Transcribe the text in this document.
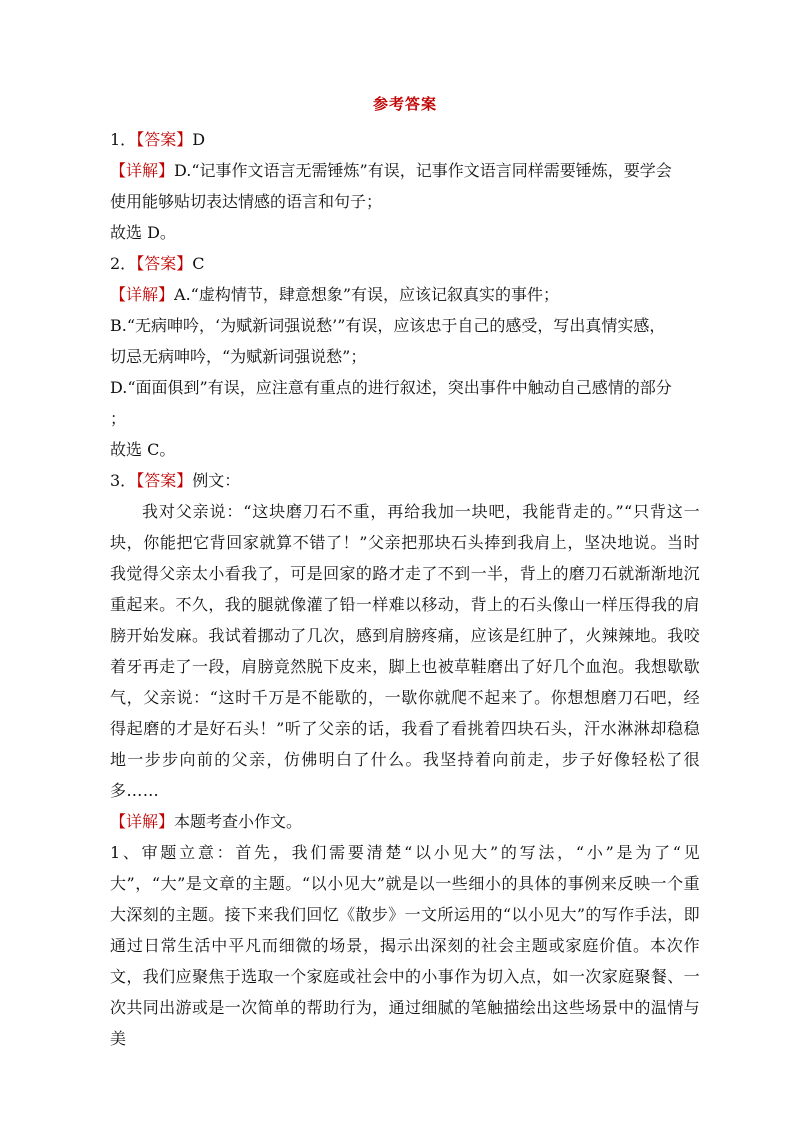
参考答案

1．【答案】D

【详解】D.“记事作文语言无需锤炼”有误，记事作文语言同样需要锤炼，要学会

使用能够贴切表达情感的语言和句子；

故选 D。

2．【答案】C

【详解】A.“虚构情节，肆意想象”有误，应该记叙真实的事件；

B.“无病呻吟，‘为赋新词强说愁’”有误，应该忠于自己的感受，写出真情实感，

切忌无病呻吟，“为赋新词强说愁”；

D.“面面俱到”有误，应注意有重点的进行叙述，突出事件中触动自己感情的部分

；

故选 C。

3．【答案】例文：

我对父亲说：“这块磨刀石不重，再给我加一块吧，我能背走的。”“只背这一块，你能把它背回家就算不错了！”父亲把那块石头捧到我肩上，坚决地说。当时我觉得父亲太小看我了，可是回家的路才走了不到一半，背上的磨刀石就渐渐地沉重起来。不久，我的腿就像灌了铅一样难以移动，背上的石头像山一样压得我的肩膀开始发麻。我试着挪动了几次，感到肩膀疼痛，应该是红肿了，火辣辣地。我咬着牙再走了一段，肩膀竟然脱下皮来，脚上也被草鞋磨出了好几个血泡。我想歇歇气，父亲说：“这时千万是不能歇的，一歇你就爬不起来了。你想想磨刀石吧，经得起磨的才是好石头！”听了父亲的话，我看了看挑着四块石头，汗水淋淋却稳稳地一步步向前的父亲，仿佛明白了什么。我坚持着向前走，步子好像轻松了很多……

【详解】本题考查小作文。

1、审题立意：首先，我们需要清楚“以小见大”的写法，“小”是为了“见大”，“大”是文章的主题。“以小见大”就是以一些细小的具体的事例来反映一个重大深刻的主题。接下来我们回忆《散步》一文所运用的“以小见大”的写作手法，即通过日常生活中平凡而细微的场景，揭示出深刻的社会主题或家庭价值。本次作文，我们应聚焦于选取一个家庭或社会中的小事作为切入点，如一次家庭聚餐、一次共同出游或是一次简单的帮助行为，通过细腻的笔触描绘出这些场景中的温情与美
